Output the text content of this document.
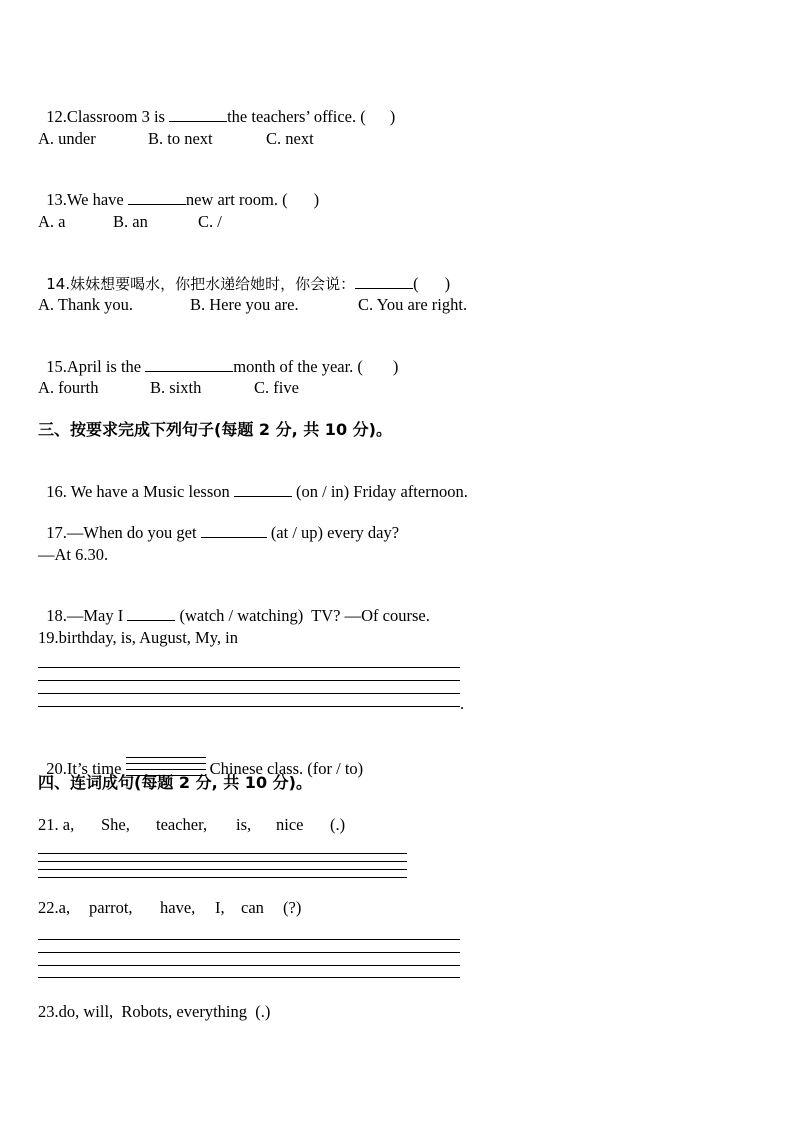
12.Classroom 3 is	the teachers’ office. ( )

A. under	B. to next	C. next

13.We have	new art room. ( )

A. a	B. an	C. /

14.妹妹想要喝水，你把水递给她时，你会说：	( )

A. Thank you.	B. Here you are.	C. You are right.

15.April is the	month of the year. ( )

A. fourth	B. sixth	C. five
三、按要求完成下列句子(每题 2 分, 共 10 分)。

16. We have a Music lesson	(on / in) Friday afternoon.

17.—When do you get	(at / up) every day?

—At 6.30.

18.—May I	(watch / watching)  TV? —Of course.

19.birthday, is, August, My, in
.

20.It’s time	Chinese class. (for / to)

四、连词成句(每题 2 分, 共 10 分)。
21. a, She, teacher, is, nice (.)
22.a, parrot, have, I, can (?)
23.do, will,  Robots, everything  (.)
